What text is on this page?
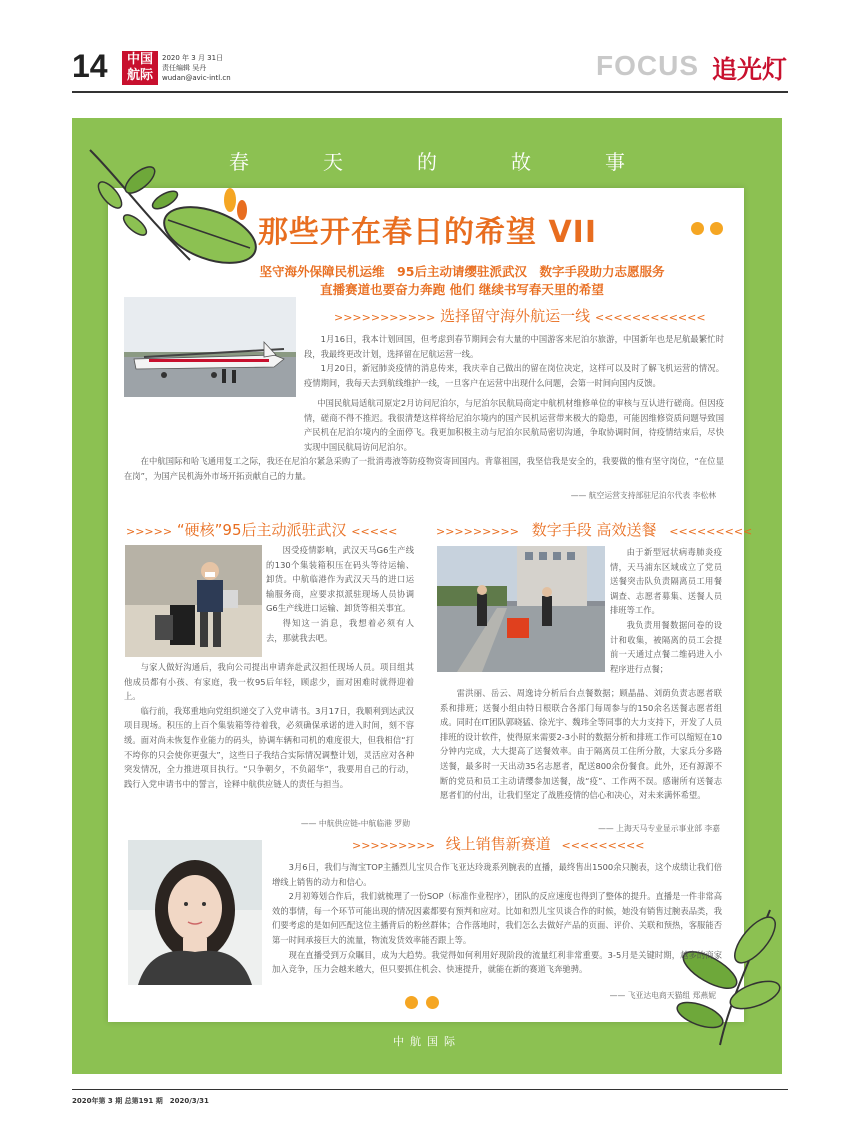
14	中国
航际
2020 年 3 月 31日
责任编辑 吴丹
wudan@avic-intl.cn	FOCUS 追光灯
春	天	的	故	事
那些开在春日的希望 VII
坚守海外保障民机运维　95后主动请缨驻派武汉　数字手段助力志愿服务
直播赛道也要奋力奔跑 他们 继续书写春天里的希望
>>>>>>>>>>> 选择留守海外航运一线 <<<<<<<<<<<<

1月16日，我本计划回国，但考虑到春节期间会有大量的中国游客来尼泊尔旅游，中国新年也是尼航最繁忙时段，我最终更改计划，选择留在尼航运营一线。

1月20日，新冠肺炎疫情的消息传来，我庆幸自己做出的留在岗位决定，这样可以及时了解飞机运营的情况。疫情期间，我每天去到航线维护一线，一旦客户在运营中出现什么问题，会第一时间向国内反馈。

中国民航局适航司原定2月访问尼泊尔，与尼泊尔民航局商定中航机材维修单位的审核与互认进行磋商。但因疫情，磋商不得不推迟。我很清楚这样将给尼泊尔境内的国产民机运营带来极大的隐患，可能因维修资质问题导致国产民机在尼泊尔境内的全面停飞。我更加积极主动与尼泊尔民航局密切沟通，争取协调时间，待疫情结束后，尽快实现中国民航局访问尼泊尔。

在中航国际和哈飞通用复工之际，我还在尼泊尔紧急采购了一批消毒液等防疫物资寄回国内。背靠祖国，我坚信我是安全的，我要做的惟有坚守岗位，“在位显在岗”，为国产民机海外市场开拓贡献自己的力量。

—— 航空运营支持部驻尼泊尔代表 李松林
>>>>> “硬核”95后主动派驻武汉 <<<<<

因受疫情影响，武汉天马G6生产线的130个集装箱积压在码头等待运输、卸货。中航临港作为武汉天马的进口运输服务商，应要求拟派驻现场人员协调G6生产线进口运输、卸货等相关事宜。

得知这一消息，我想着必须有人去，那就我去吧。

与家人做好沟通后，我向公司提出申请奔赴武汉担任现场人员。项目组其他成员都有小孩、有家庭，我一枚95后年轻，顾虑少，面对困难时就得迎着上。

临行前，我郑重地向党组织递交了入党申请书。3月17日，我顺利到达武汉项目现场。积压的上百个集装箱等待着我，必须确保承诺的进入时间，刻不容缓。面对尚未恢复作业能力的码头，协调车辆和司机的难度很大，但我相信“打不垮你的只会使你更强大”，这些日子我结合实际情况调整计划，灵活应对各种突发情况，全力推进项目执行。“只争朝夕，不负韶华”，我要用自己的行动，践行入党申请书中的誓言，诠释中航供应链人的责任与担当。

—— 中航供应链-中航临港 罗勋
>>>>>>>>> 数字手段 高效送餐 <<<<<<<<<

由于新型冠状病毒肺炎疫情，天马浦东区域成立了党员送餐突击队负责隔离员工用餐调查、志愿者募集、送餐人员排班等工作。

我负责用餐数据问卷的设计和收集，被隔离的员工会提前一天通过点餐二维码进入小程序进行点餐；

雷洪丽、岳云、周逸诗分析后台点餐数据；顾晶晶、刘荫负责志愿者联系和排班；送餐小组由特日根联合各部门每周参与的150余名送餐志愿者组成。同时在IT团队郭晓猛、徐光宇、魏玮全等同事的大力支持下，开发了人员排班的设计软件，使得原来需要2-3小时的数据分析和排班工作可以缩短在10分钟内完成，大大提高了送餐效率。由于隔离员工住所分散，大家兵分多路送餐，最多时一天出动35名志愿者，配送800余份餐食。此外，还有源源不断的党员和员工主动请缨参加送餐，战“疫”、工作两不误。感谢所有送餐志愿者们的付出，让我们坚定了战胜疫情的信心和决心，对未来满怀希望。

—— 上海天马专业显示事业部 李嘉
>>>>>>>>> 线上销售新赛道 <<<<<<<<<

3月6日，我们与淘宝TOP主播烈儿宝贝合作飞亚达玲珑系列腕表的直播，最终售出1500余只腕表，这个成绩让我们倍增线上销售的动力和信心。

2月初筹划合作后，我们就梳理了一份SOP（标准作业程序），团队的反应速度也得到了整体的提升。直播是一件非常高效的事情，每一个环节可能出现的情况因素都要有预判和应对。比如和烈儿宝贝谈合作的时候，她没有销售过腕表品类，我们要考虑的是如何匹配这位主播背后的粉丝群体；合作落地时，我们怎么去做好产品的页面、评价、关联和预热，客服能否第一时间承接巨大的流量，物流发货效率能否跟上等。

现在直播受到万众瞩目，成为大趋势。我觉得如何利用好现阶段的流量红利非常重要。3-5月是关键时期，越多的商家加入竞争，压力会越来越大，但只要抓住机会、快速提升，就能在新的赛道飞奔驰骋。

—— 飞亚达电商天猫组 郑燕妮
中航国际
2020年第 3 期 总第191 期　2020/3/31
